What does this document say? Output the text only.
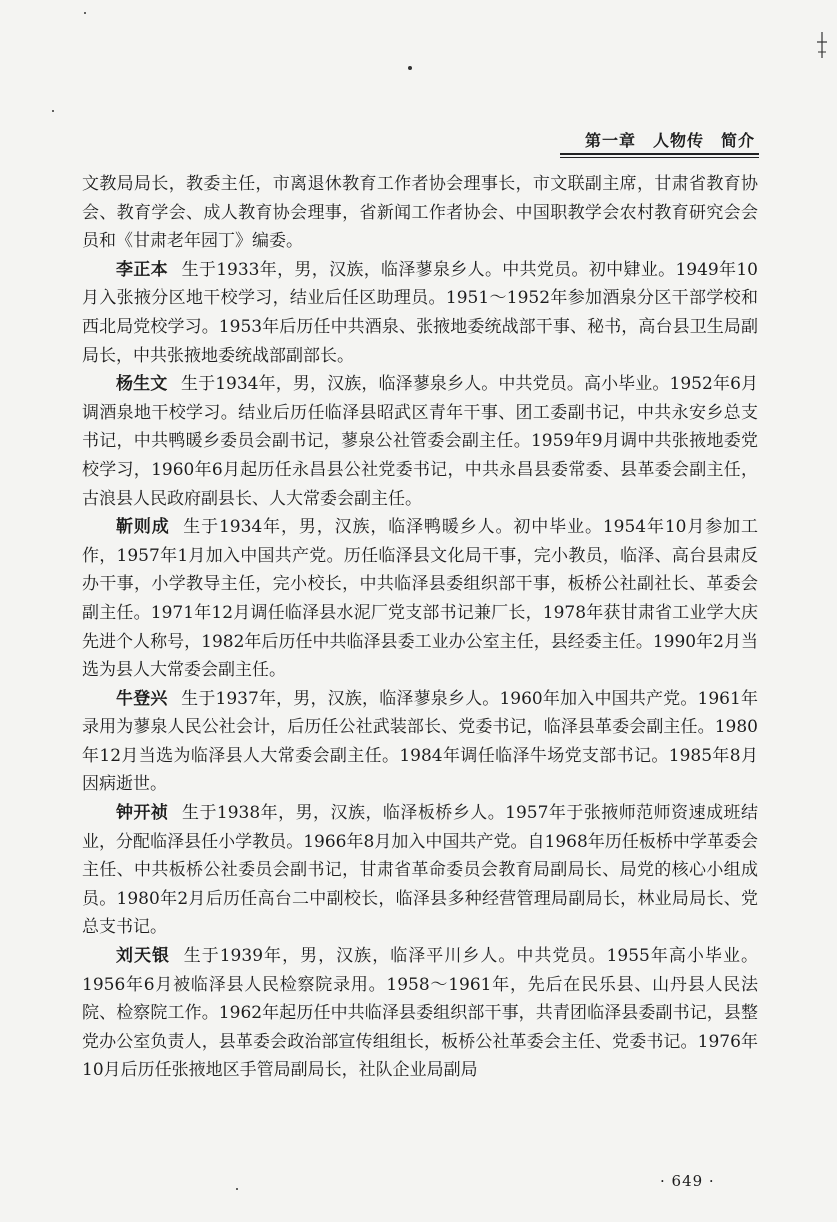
第一章　人物传　简介

文教局局长，教委主任，市离退休教育工作者协会理事长，市文联副主席，甘肃省教育协会、教育学会、成人教育协会理事，省新闻工作者协会、中国职教学会农村教育研究会会员和《甘肃老年园丁》编委。

李正本 生于1933年，男，汉族，临泽蓼泉乡人。中共党员。初中肄业。1949年10月入张掖分区地干校学习，结业后任区助理员。1951～1952年参加酒泉分区干部学校和西北局党校学习。1953年后历任中共酒泉、张掖地委统战部干事、秘书，高台县卫生局副局长，中共张掖地委统战部副部长。

杨生文 生于1934年，男，汉族，临泽蓼泉乡人。中共党员。高小毕业。1952年6月调酒泉地干校学习。结业后历任临泽县昭武区青年干事、团工委副书记，中共永安乡总支书记，中共鸭暖乡委员会副书记，蓼泉公社管委会副主任。1959年9月调中共张掖地委党校学习，1960年6月起历任永昌县公社党委书记，中共永昌县委常委、县革委会副主任，古浪县人民政府副县长、人大常委会副主任。

靳则成 生于1934年，男，汉族，临泽鸭暖乡人。初中毕业。1954年10月参加工作，1957年1月加入中国共产党。历任临泽县文化局干事，完小教员，临泽、高台县肃反办干事，小学教导主任，完小校长，中共临泽县委组织部干事，板桥公社副社长、革委会副主任。1971年12月调任临泽县水泥厂党支部书记兼厂长，1978年获甘肃省工业学大庆先进个人称号，1982年后历任中共临泽县委工业办公室主任，县经委主任。1990年2月当选为县人大常委会副主任。

牛登兴 生于1937年，男，汉族，临泽蓼泉乡人。1960年加入中国共产党。1961年录用为蓼泉人民公社会计，后历任公社武装部长、党委书记，临泽县革委会副主任。1980年12月当选为临泽县人大常委会副主任。1984年调任临泽牛场党支部书记。1985年8月因病逝世。

钟开祯 生于1938年，男，汉族，临泽板桥乡人。1957年于张掖师范师资速成班结业，分配临泽县任小学教员。1966年8月加入中国共产党。自1968年历任板桥中学革委会主任、中共板桥公社委员会副书记，甘肃省革命委员会教育局副局长、局党的核心小组成员。1980年2月后历任高台二中副校长，临泽县多种经营管理局副局长，林业局局长、党总支书记。

刘天银 生于1939年，男，汉族，临泽平川乡人。中共党员。1955年高小毕业。1956年6月被临泽县人民检察院录用。1958～1961年，先后在民乐县、山丹县人民法院、检察院工作。1962年起历任中共临泽县委组织部干事，共青团临泽县委副书记，县整党办公室负责人，县革委会政治部宣传组组长，板桥公社革委会主任、党委书记。1976年10月后历任张掖地区手管局副局长，社队企业局副局

· 649 ·
